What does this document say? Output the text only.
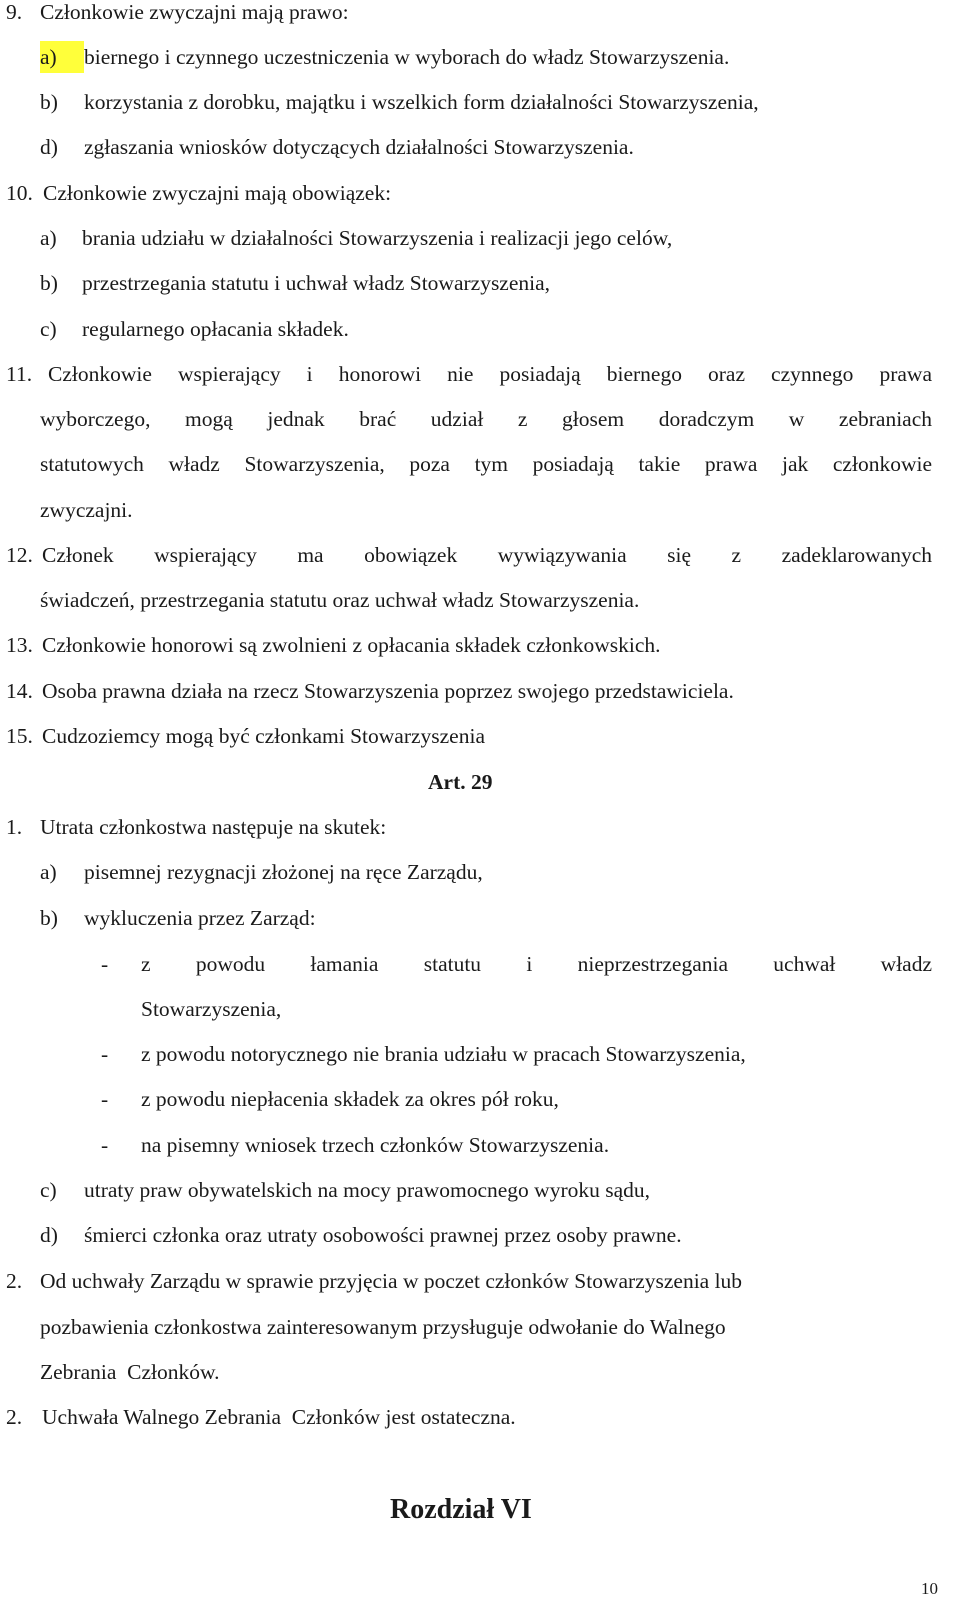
9. Członkowie zwyczajni mają prawo:
a)	biernego i czynnego uczestniczenia w wyborach do władz Stowarzyszenia.
b) korzystania z dorobku, majątku i wszelkich form działalności Stowarzyszenia,
d) zgłaszania wniosków dotyczących działalności Stowarzyszenia.
10. Członkowie zwyczajni mają obowiązek:
a) brania udziału w działalności Stowarzyszenia i realizacji jego celów,
b) przestrzegania statutu i uchwał władz Stowarzyszenia,
c) regularnego opłacania składek.
11. Członkowie wspierający i honorowi nie posiadają biernego oraz czynnego prawa
wyborczego, mogą jednak brać udział z głosem doradczym w zebraniach
statutowych władz Stowarzyszenia, poza tym posiadają takie prawa jak członkowie
zwyczajni.
12. Członek wspierający ma obowiązek wywiązywania się z zadeklarowanych
świadczeń, przestrzegania statutu oraz uchwał władz Stowarzyszenia.
13. Członkowie honorowi są zwolnieni z opłacania składek członkowskich.
14. Osoba prawna działa na rzecz Stowarzyszenia poprzez swojego przedstawiciela.
15. Cudzoziemcy mogą być członkami Stowarzyszenia
Art. 29
1. Utrata członkostwa następuje na skutek:
a) pisemnej rezygnacji złożonej na ręce Zarządu,
b) wykluczenia przez Zarząd:
- z powodu łamania statutu i nieprzestrzegania uchwał władz
Stowarzyszenia,
- z powodu notorycznego nie brania udziału w pracach Stowarzyszenia,
- z powodu niepłacenia składek za okres pół roku,
- na pisemny wniosek trzech członków Stowarzyszenia.
c) utraty praw obywatelskich na mocy prawomocnego wyroku sądu,
d) śmierci członka oraz utraty osobowości prawnej przez osoby prawne.
2. Od uchwały Zarządu w sprawie przyjęcia w poczet członków Stowarzyszenia lub
pozbawienia członkostwa zainteresowanym przysługuje odwołanie do Walnego
Zebrania  Członków.
2. Uchwała Walnego Zebrania  Członków jest ostateczna.
Rozdział VI
10
